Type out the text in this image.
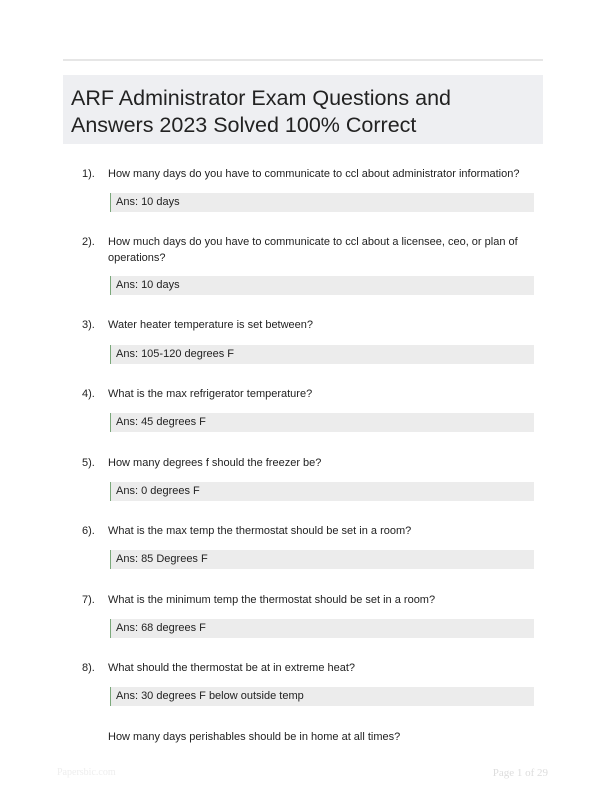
ARF Administrator Exam Questions and Answers 2023 Solved 100% Correct
1). How many days do you have to communicate to ccl about administrator information?
Ans: 10 days
2). How much days do you have to communicate to ccl about a licensee, ceo, or plan of operations?
Ans: 10 days
3). Water heater temperature is set between?
Ans: 105-120 degrees F
4). What is the max refrigerator temperature?
Ans: 45 degrees F
5). How many degrees f should the freezer be?
Ans: 0 degrees F
6). What is the max temp the thermostat should be set in a room?
Ans: 85 Degrees F
7). What is the minimum temp the thermostat should be set in a room?
Ans: 68 degrees F
8). What should the thermostat be at in extreme heat?
Ans: 30 degrees F below outside temp
How many days perishables should be in home at all times?
Papersbic.com	Page 1 of 29
